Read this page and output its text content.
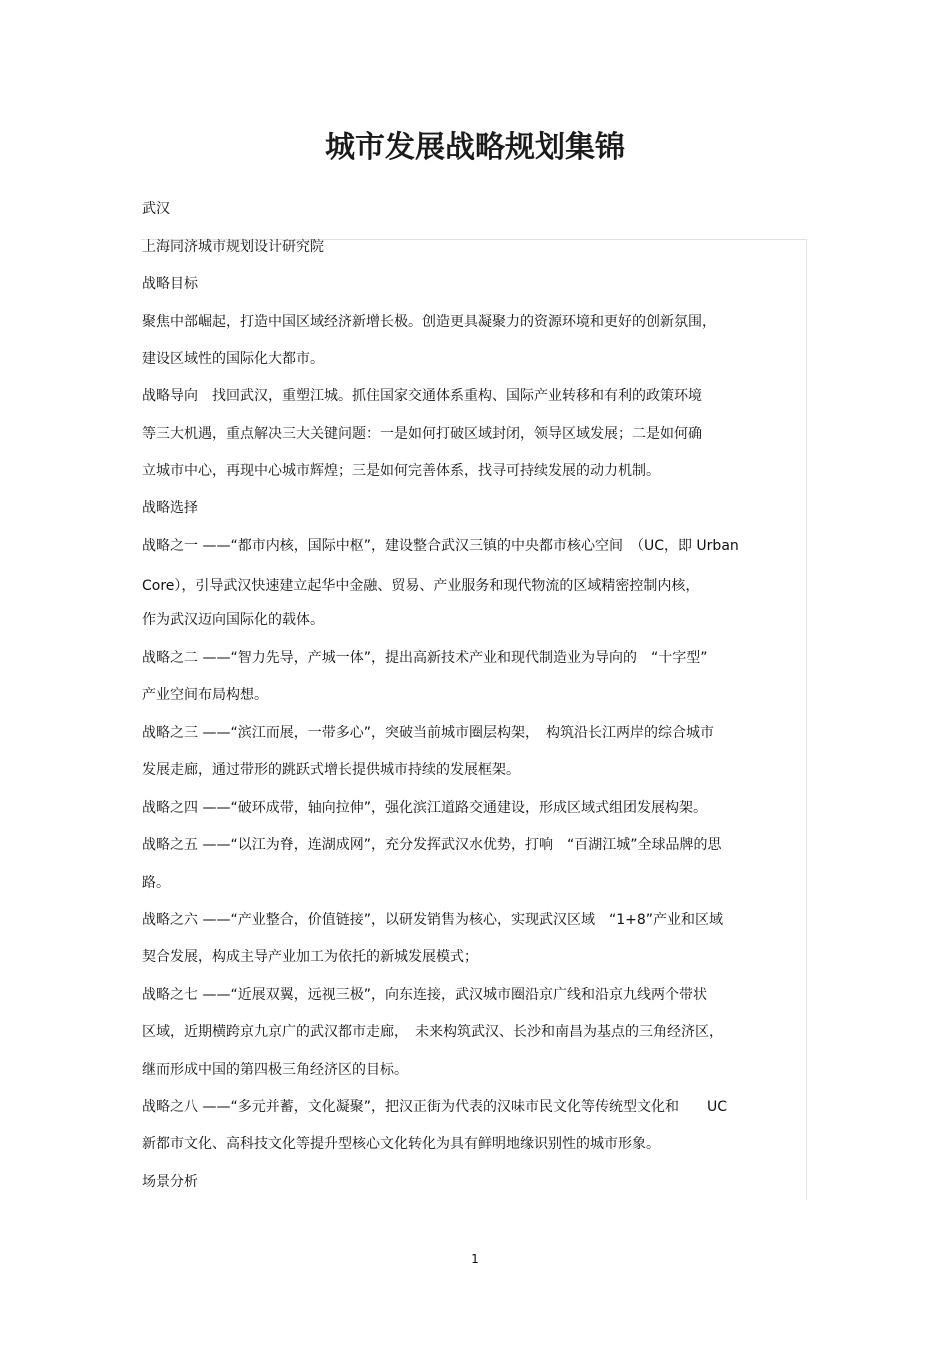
城市发展战略规划集锦
武汉
上海同济城市规划设计研究院
战略目标
聚焦中部崛起，打造中国区域经济新增长极。创造更具凝聚力的资源环境和更好的创新氛围，
建设区域性的国际化大都市。
战略导向　找回武汉，重塑江城。抓住国家交通体系重构、国际产业转移和有利的政策环境
等三大机遇，重点解决三大关键问题：一是如何打破区域封闭，领导区域发展；二是如何确
立城市中心，再现中心城市辉煌；三是如何完善体系，找寻可持续发展的动力机制。
战略选择
战略之一 ——“都市内核，国际中枢”，建设整合武汉三镇的中央都市核心空间　（UC，即 Urban
Core），引导武汉快速建立起华中金融、贸易、产业服务和现代物流的区域精密控制内核，
作为武汉迈向国际化的载体。
战略之二 ——“智力先导，产城一体”，提出高新技术产业和现代制造业为导向的　“十字型”
产业空间布局构想。
战略之三 ——“滨江而展，一带多心”，突破当前城市圈层构架，　构筑沿长江两岸的综合城市
发展走廊，通过带形的跳跃式增长提供城市持续的发展框架。
战略之四 ——“破环成带，轴向拉伸”，强化滨江道路交通建设，形成区域式组团发展构架。
战略之五 ——“以江为脊，连湖成网”，充分发挥武汉水优势，打响　“百湖江城”全球品牌的思
路。
战略之六 ——“产业整合，价值链接”，以研发销售为核心，实现武汉区域　“1+8”产业和区域
契合发展，构成主导产业加工为依托的新城发展模式；
战略之七 ——“近展双翼，远视三极”，向东连接，武汉城市圈沿京广线和沿京九线两个带状
区域，近期横跨京九京广的武汉都市走廊，　未来构筑武汉、长沙和南昌为基点的三角经济区，
继而形成中国的第四极三角经济区的目标。
战略之八 ——“多元并蓄，文化凝聚”，把汉正街为代表的汉味市民文化等传统型文化和　　UC
新都市文化、高科技文化等提升型核心文化转化为具有鲜明地缘识别性的城市形象。
场景分析
1
